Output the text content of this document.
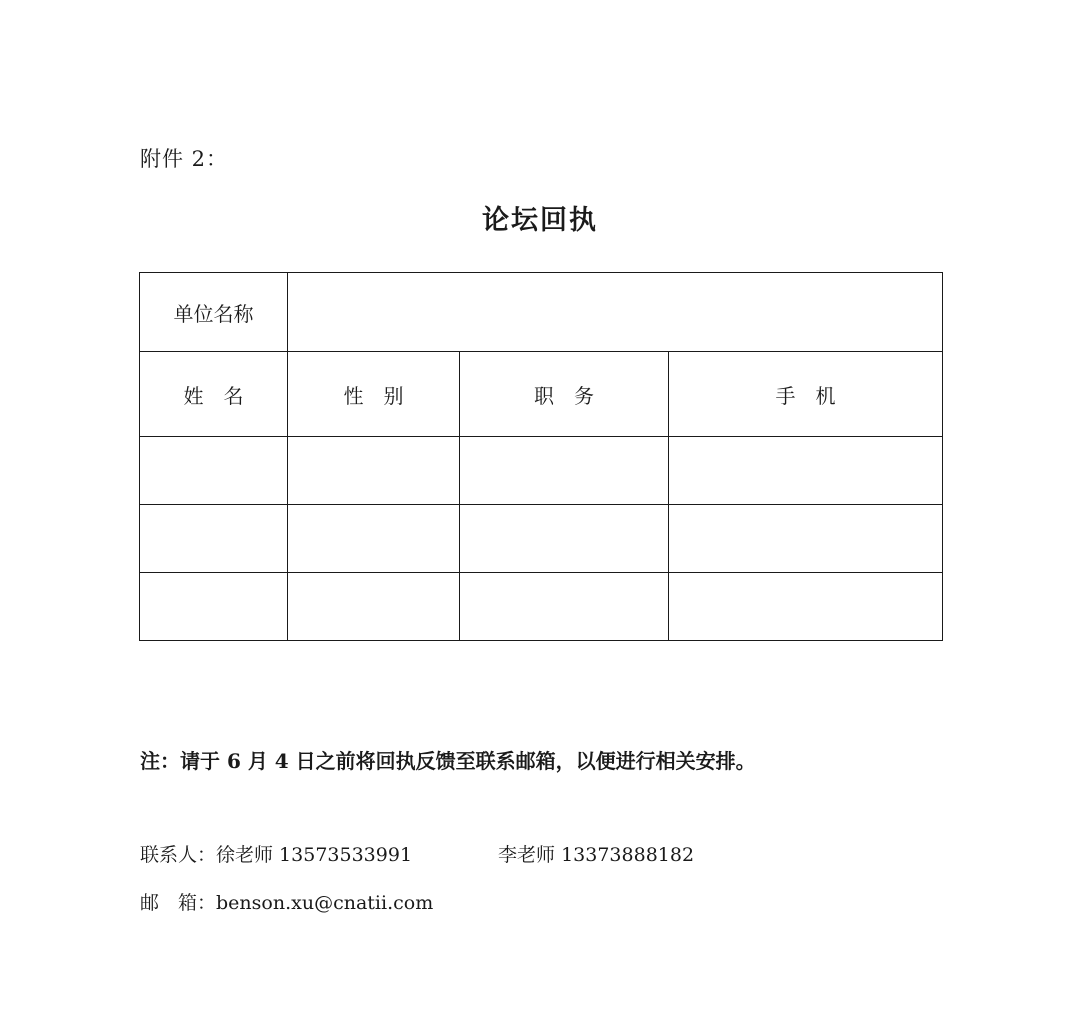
附件 2：

论坛回执
单位名称			
姓　名	性　别	职　务	手　机

注：请于 6 月 4 日之前将回执反馈至联系邮箱，以便进行相关安排。

联系人：徐老师 13573533991	李老师 13373888182

邮　箱：benson.xu@cnatii.com
